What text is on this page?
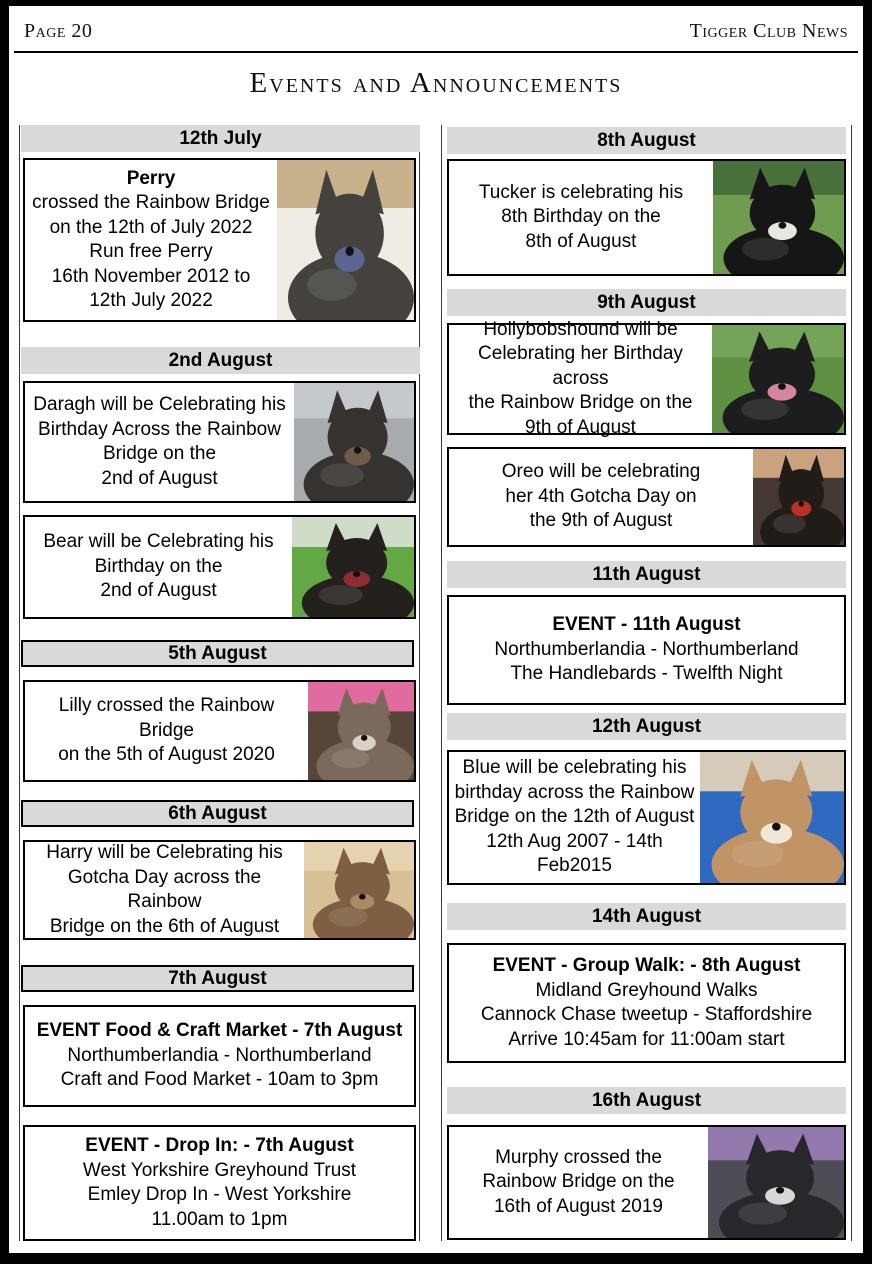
Page 20	Tigger Club News
Events and Announcements
12th July
Perry
crossed the Rainbow Bridge
on the 12th of July 2022
Run free Perry
16th November 2012 to
12th July 2022
2nd August
Daragh will be Celebrating his
Birthday Across the Rainbow
Bridge on the
2nd of August
Bear will be Celebrating his
Birthday on the
2nd of August
5th August
Lilly crossed the Rainbow Bridge
on the 5th of August 2020
6th August
Harry will be Celebrating his
Gotcha Day across the Rainbow
Bridge on the 6th of August
7th August
EVENT Food & Craft Market - 7th August
Northumberlandia - Northumberland
Craft and Food Market - 10am to 3pm
EVENT - Drop In: - 7th August
West Yorkshire Greyhound Trust
Emley Drop In - West Yorkshire
11.00am to 1pm
8th August
Tucker is celebrating his
8th Birthday on the
8th of August
9th August
Hollybobshound will be
Celebrating her Birthday across
the Rainbow Bridge on the
9th of August
Oreo will be celebrating
her 4th Gotcha Day on
the 9th of August
11th August
EVENT - 11th August
Northumberlandia - Northumberland
The Handlebards - Twelfth Night
12th August
Blue will be celebrating his
birthday across the Rainbow
Bridge on the 12th of August
12th Aug 2007 - 14th Feb2015
14th August
EVENT - Group Walk: - 8th August
Midland Greyhound Walks
Cannock Chase tweetup - Staffordshire
Arrive 10:45am for 11:00am start
16th August
Murphy crossed the
Rainbow Bridge on the
16th of August 2019
